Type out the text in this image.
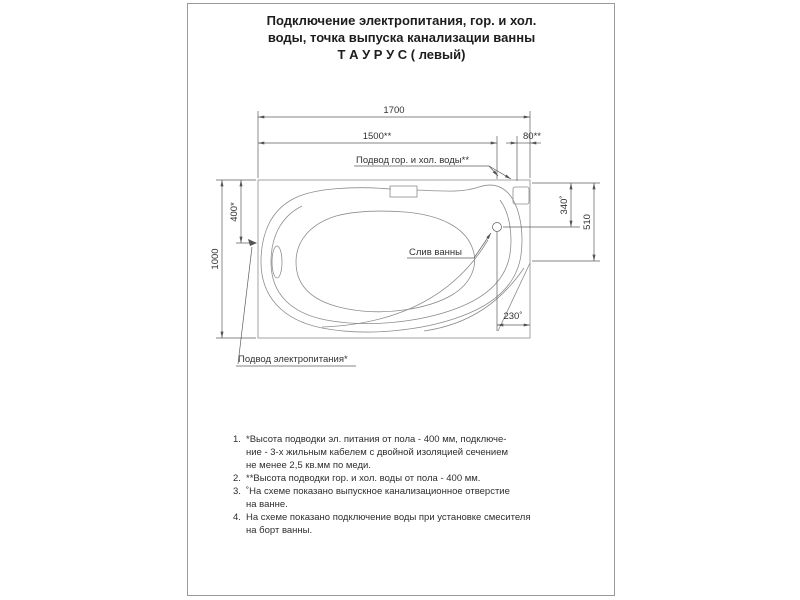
Подключение электропитания, гор. и хол.
воды, точка выпуска канализации ванны
Т А У Р У С ( левый)
1700
1500**	80**
1000
400*	340˚
510
230˚
Подвод гор. и хол. воды**
Слив ванны
Подвод электропитания*
1. *Высота подводки эл. питания от пола - 400 мм, подключе-
ние - 3-х жильным кабелем с двойной изоляцией сечением
не менее 2,5 кв.мм по меди.
2. **Высота подводки гор. и хол. воды от пола - 400 мм.
3. ˚На схеме показано выпускное канализационное отверстие
на ванне.
4. На схеме показано подключение воды при установке смесителя
на борт ванны.
